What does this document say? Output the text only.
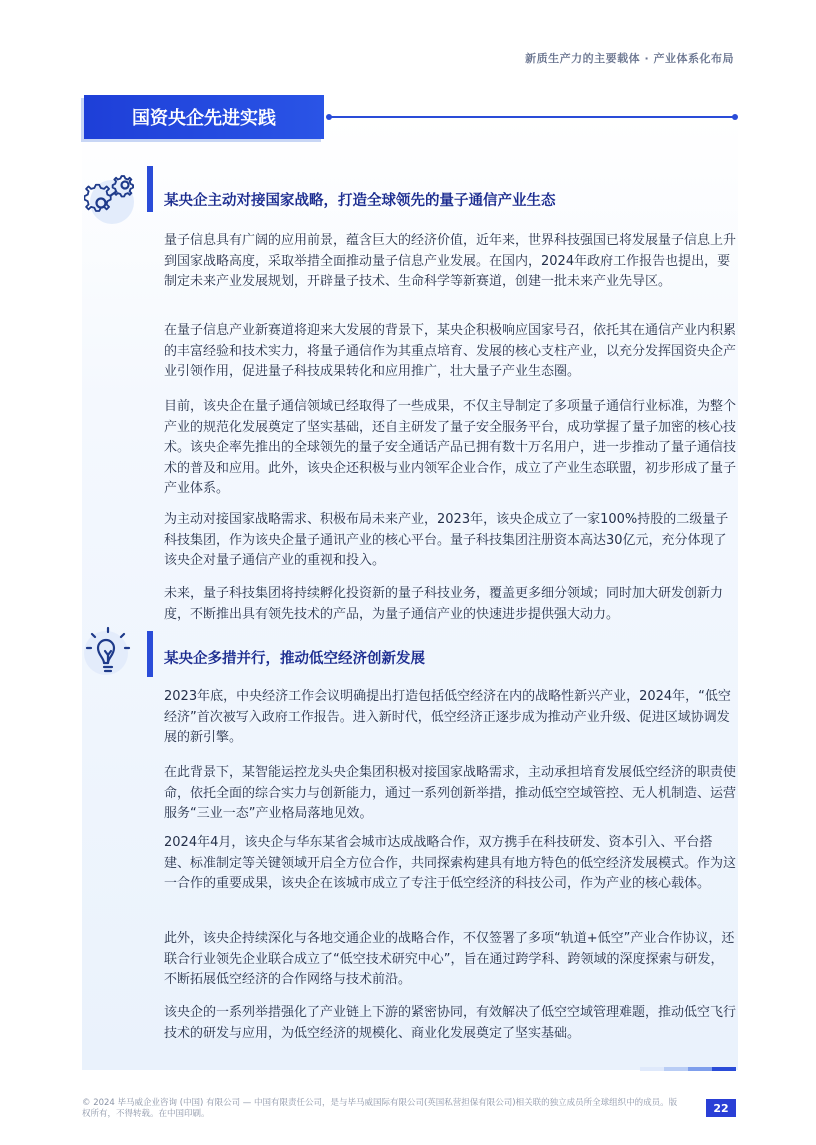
新质生产力的主要载体 · 产业体系化布局
国资央企先进实践
某央企主动对接国家战略，打造全球领先的量子通信产业生态

量子信息具有广阔的应用前景，蕴含巨大的经济价值，近年来，世界科技强国已将发展量子信息上升到国家战略高度，采取举措全面推动量子信息产业发展。在国内，2024年政府工作报告也提出，要制定未来产业发展规划，开辟量子技术、生命科学等新赛道，创建一批未来产业先导区。

在量子信息产业新赛道将迎来大发展的背景下，某央企积极响应国家号召，依托其在通信产业内积累的丰富经验和技术实力，将量子通信作为其重点培育、发展的核心支柱产业，以充分发挥国资央企产业引领作用，促进量子科技成果转化和应用推广，壮大量子产业生态圈。

目前，该央企在量子通信领域已经取得了一些成果，不仅主导制定了多项量子通信行业标准，为整个产业的规范化发展奠定了坚实基础，还自主研发了量子安全服务平台，成功掌握了量子加密的核心技术。该央企率先推出的全球领先的量子安全通话产品已拥有数十万名用户，进一步推动了量子通信技术的普及和应用。此外，该央企还积极与业内领军企业合作，成立了产业生态联盟，初步形成了量子产业体系。

为主动对接国家战略需求、积极布局未来产业，2023年，该央企成立了一家100%持股的二级量子科技集团，作为该央企量子通讯产业的核心平台。量子科技集团注册资本高达30亿元，充分体现了该央企对量子通信产业的重视和投入。

未来，量子科技集团将持续孵化投资新的量子科技业务，覆盖更多细分领域；同时加大研发创新力度，不断推出具有领先技术的产品，为量子通信产业的快速进步提供强大动力。

某央企多措并行，推动低空经济创新发展

2023年底，中央经济工作会议明确提出打造包括低空经济在内的战略性新兴产业，2024年，“低空经济”首次被写入政府工作报告。进入新时代，低空经济正逐步成为推动产业升级、促进区域协调发展的新引擎。

在此背景下，某智能运控龙头央企集团积极对接国家战略需求，主动承担培育发展低空经济的职责使命，依托全面的综合实力与创新能力，通过一系列创新举措，推动低空空域管控、无人机制造、运营服务“三业一态”产业格局落地见效。

2024年4月，该央企与华东某省会城市达成战略合作，双方携手在科技研发、资本引入、平台搭建、标准制定等关键领域开启全方位合作，共同探索构建具有地方特色的低空经济发展模式。作为这一合作的重要成果，该央企在该城市成立了专注于低空经济的科技公司，作为产业的核心载体。

此外，该央企持续深化与各地交通企业的战略合作，不仅签署了多项“轨道+低空”产业合作协议，还联合行业领先企业联合成立了“低空技术研究中心”，旨在通过跨学科、跨领域的深度探索与研发，不断拓展低空经济的合作网络与技术前沿。

该央企的一系列举措强化了产业链上下游的紧密协同，有效解决了低空空域管理难题，推动低空飞行技术的研发与应用，为低空经济的规模化、商业化发展奠定了坚实基础。

© 2024 毕马威企业咨询 (中国) 有限公司 — 中国有限责任公司，是与毕马威国际有限公司(英国私营担保有限公司)相关联的独立成员所全球组织中的成员。版权所有，不得转载。在中国印刷。	22
